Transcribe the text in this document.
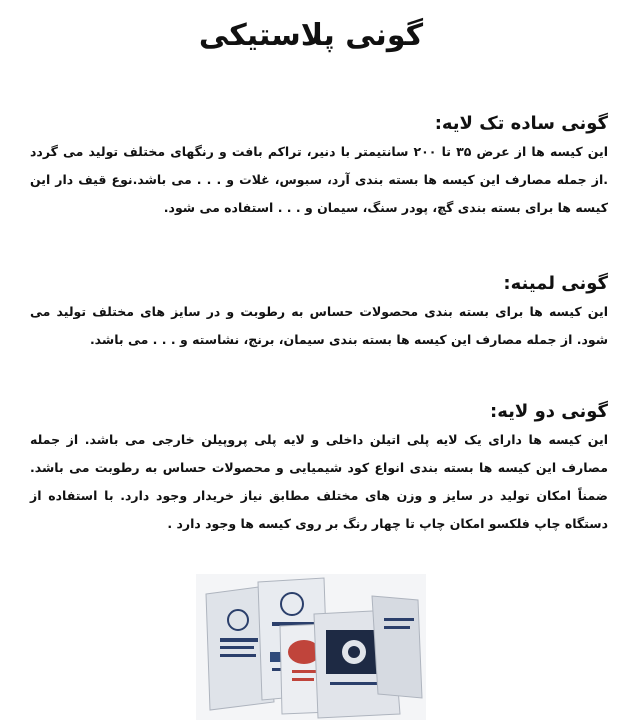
گونی پلاستیکی
گونی ساده تک لایه:

این کیسه ها از عرض ۳۵ تا ۲۰۰ سانتیمتر با دنیر، تراکم بافت و رنگهای مختلف تولید می گردد .از جمله مصارف این کیسه ها بسته بندی آرد، سبوس، غلات و . . . می باشد.نوع قیف دار این کیسه ها برای بسته بندی گچ، پودر سنگ، سیمان و . . . استفاده می شود.

گونی لمینه:

این کیسه ها برای بسته بندی محصولات حساس به رطوبت و در سایز های مختلف تولید می شود. از جمله مصارف این کیسه ها بسته بندی سیمان، برنج، نشاسته و . . . می باشد.

گونی دو لایه:

این کیسه ها دارای یک لایه پلی اتیلن داخلی و لایه پلی پروپیلن خارجی می باشد. از جمله مصارف این کیسه ها بسته بندی انواع کود شیمیایی و محصولات حساس به رطوبت می باشد. ضمناً امکان تولید در سایز و وزن های مختلف مطابق نیاز خریدار وجود دارد. با استفاده از دستگاه چاپ فلکسو امکان چاپ تا چهار رنگ بر روی کیسه ها وجود دارد .
